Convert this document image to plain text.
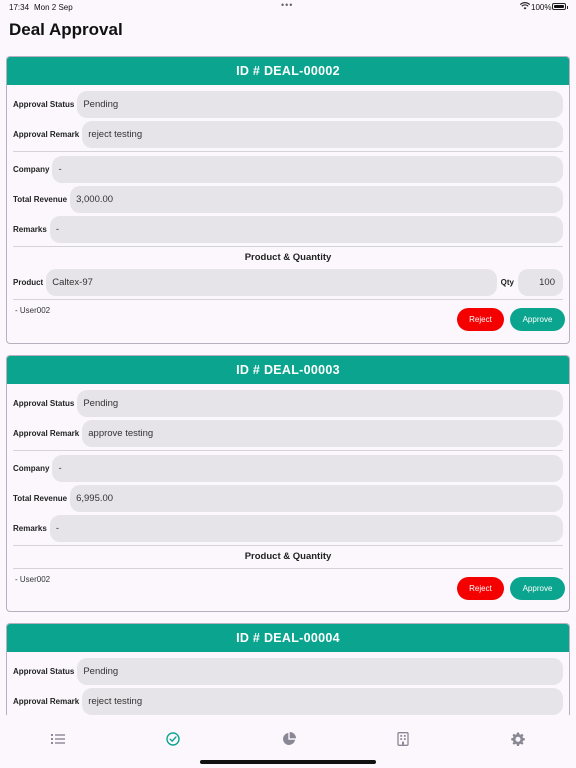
17:34 Mon 2 Sep	•••	100%
Deal Approval
ID # DEAL-00002
Approval Status Pending
Approval Remark reject testing
Company -
Total Revenue 3,000.00
Remarks -
Product & Quantity
Product Caltex-97	Qty	100
- User002
Reject	Approve
ID # DEAL-00003
Approval Status Pending
Approval Remark approve testing
Company -
Total Revenue 6,995.00
Remarks -
Product & Quantity
- User002
Reject	Approve
ID # DEAL-00004
Approval Status Pending
Approval Remark reject testing
